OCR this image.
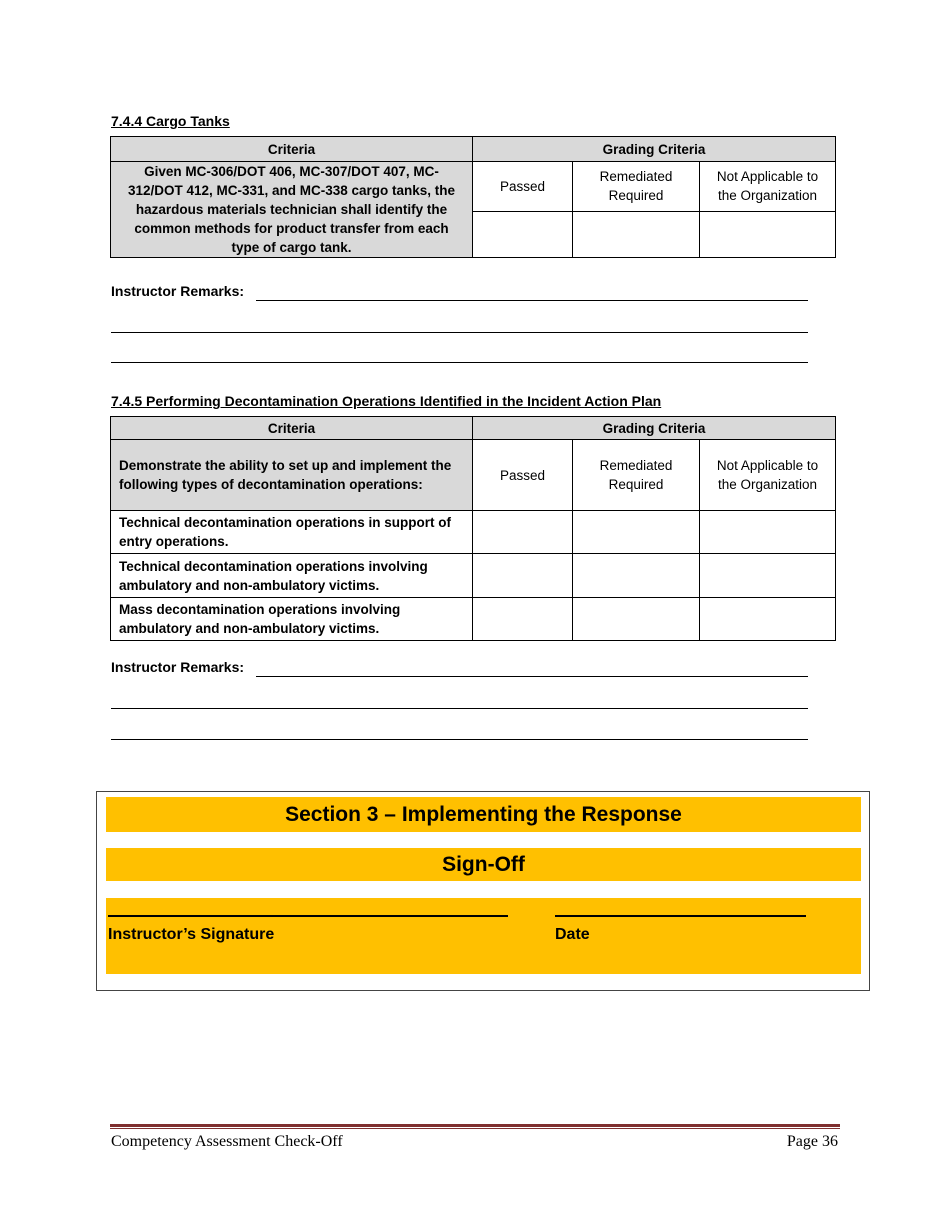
7.4.4 Cargo Tanks
Criteria	Grading Criteria		
Given MC-306/DOT 406, MC-307/DOT 407, MC-312/DOT 412, MC-331, and MC-338 cargo tanks, the hazardous materials technician shall identify the common methods for product transfer from each type of cargo tank.	Passed	Remediated Required	Not Applicable to the Organization

Instructor Remarks:
7.4.5 Performing Decontamination Operations Identified in the Incident Action Plan
Criteria	Grading Criteria		
Demonstrate the ability to set up and implement the following types of decontamination operations:	Passed	Remediated Required	Not Applicable to the Organization
Technical decontamination operations in support of entry operations.			
Technical decontamination operations involving ambulatory and non-ambulatory victims.			
Mass decontamination operations involving ambulatory and non-ambulatory victims.			
Instructor Remarks:
Section 3 – Implementing the Response
Sign-Off
Instructor’s Signature	Date
Competency Assessment Check-Off	Page 36
